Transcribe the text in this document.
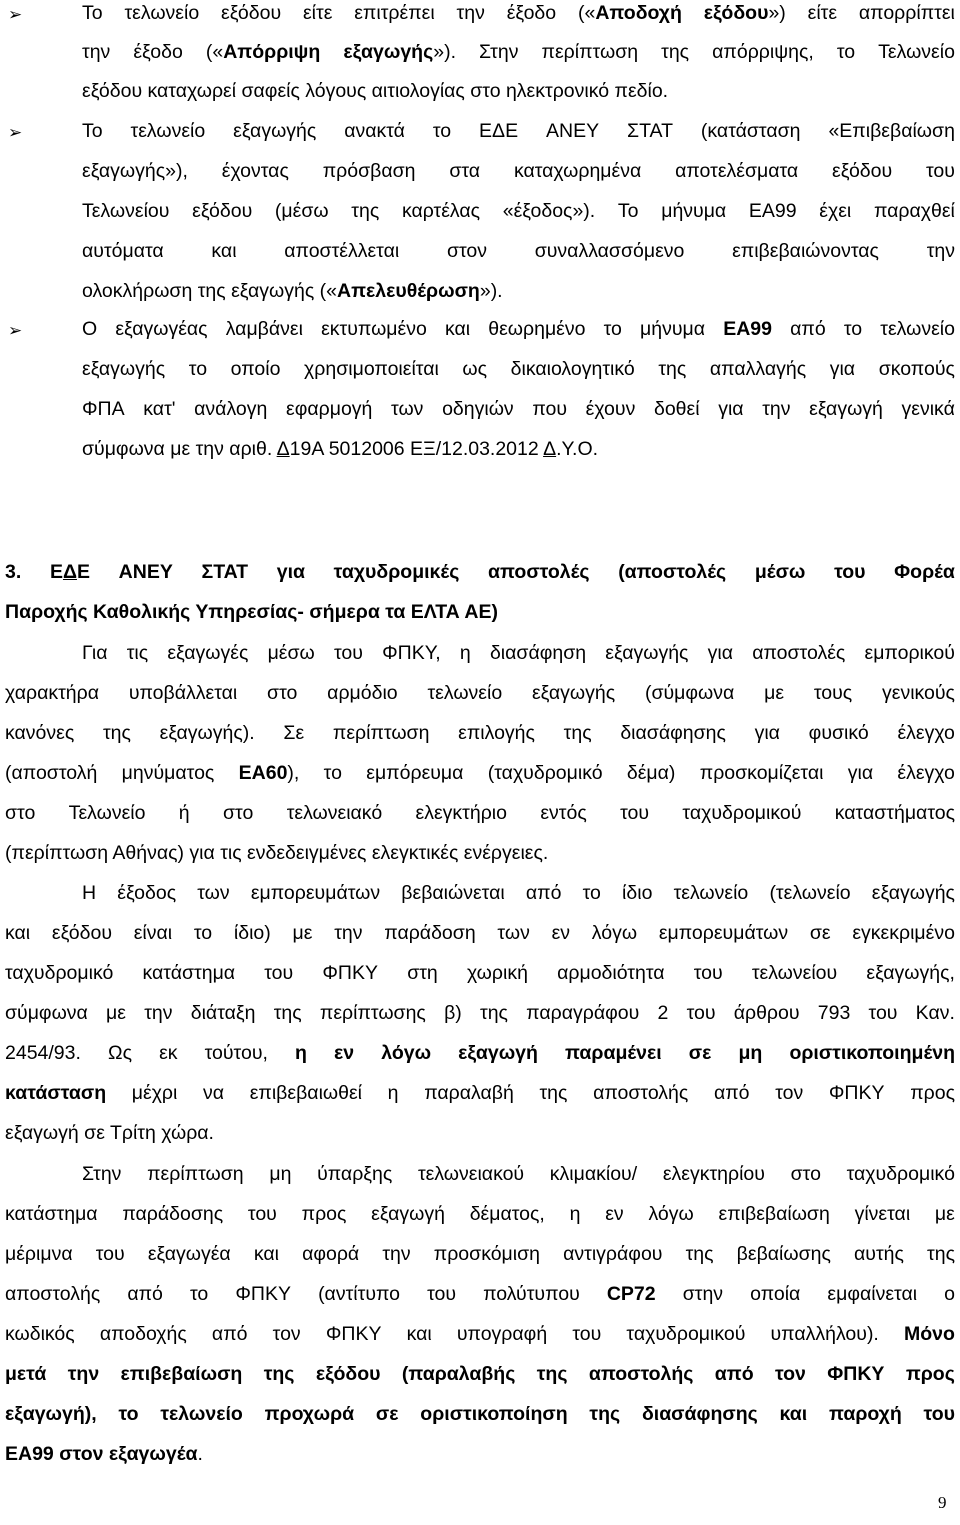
➢
➢
➢
Το τελωνείο εξόδου είτε επιτρέπει την έξοδο («Αποδοχή εξόδου») είτε απορρίπτει
την έξοδο («Απόρριψη εξαγωγής»). Στην περίπτωση της απόρριψης, το Τελωνείο
εξόδου καταχωρεί σαφείς λόγους αιτιολογίας στο ηλεκτρονικό πεδίο.
Το τελωνείο εξαγωγής ανακτά το ΕΔΕ ΑΝΕΥ ΣΤΑΤ (κατάσταση «Επιβεβαίωση
εξαγωγής»), έχοντας πρόσβαση στα καταχωρημένα αποτελέσματα εξόδου του
Τελωνείου εξόδου (μέσω της καρτέλας «έξοδος»). Το μήνυμα ΕΑ99 έχει παραχθεί
αυτόματα και αποστέλλεται στον συναλλασσόμενο επιβεβαιώνοντας την
ολοκλήρωση της εξαγωγής («Απελευθέρωση»).
Ο εξαγωγέας λαμβάνει εκτυπωμένο και θεωρημένο το μήνυμα ΕΑ99 από το τελωνείο
εξαγωγής το οποίο χρησιμοποιείται ως δικαιολογητικό της απαλλαγής για σκοπούς
ΦΠΑ κατ' ανάλογη εφαρμογή των οδηγιών που έχουν δοθεί για την εξαγωγή γενικά
σύμφωνα με την αριθ. Δ19Α 5012006 ΕΞ/12.03.2012 Δ.Υ.Ο.
3. ΕΔΕ ΑΝΕΥ ΣΤΑΤ για ταχυδρομικές αποστολές (αποστολές μέσω του Φορέα
Παροχής Καθολικής Υπηρεσίας- σήμερα τα ΕΛΤΑ ΑΕ)
Για τις εξαγωγές μέσω του ΦΠΚΥ, η διασάφηση εξαγωγής για αποστολές εμπορικού
χαρακτήρα υποβάλλεται στο αρμόδιο τελωνείο εξαγωγής (σύμφωνα με τους γενικούς
κανόνες της εξαγωγής). Σε περίπτωση επιλογής της διασάφησης για φυσικό έλεγχο
(αποστολή μηνύματος ΕΑ60), το εμπόρευμα (ταχυδρομικό δέμα) προσκομίζεται για έλεγχο
στο Τελωνείο ή στο τελωνειακό ελεγκτήριο εντός του ταχυδρομικού καταστήματος
(περίπτωση Αθήνας) για τις ενδεδειγμένες ελεγκτικές ενέργειες.
Η έξοδος των εμπορευμάτων βεβαιώνεται από το ίδιο τελωνείο (τελωνείο εξαγωγής
και εξόδου είναι το ίδιο) με την παράδοση των εν λόγω εμπορευμάτων σε εγκεκριμένο
ταχυδρομικό κατάστημα του ΦΠΚΥ στη χωρική αρμοδιότητα του τελωνείου εξαγωγής,
σύμφωνα με την διάταξη της περίπτωσης β) της παραγράφου 2 του άρθρου 793 του Καν.
2454/93. Ως εκ τούτου, η εν λόγω εξαγωγή παραμένει σε μη οριστικοποιημένη
κατάσταση μέχρι να επιβεβαιωθεί η παραλαβή της αποστολής από τον ΦΠΚΥ προς
εξαγωγή σε Τρίτη χώρα.
Στην περίπτωση μη ύπαρξης τελωνειακού κλιμακίου/ ελεγκτηρίου στο ταχυδρομικό
κατάστημα παράδοσης του προς εξαγωγή δέματος, η εν λόγω επιβεβαίωση γίνεται με
μέριμνα του εξαγωγέα και αφορά την προσκόμιση αντιγράφου της βεβαίωσης αυτής της
αποστολής από το ΦΠΚΥ (αντίτυπο του πολύτυπου CP72 στην οποία εμφαίνεται ο
κωδικός αποδοχής από τον ΦΠΚΥ και υπογραφή του ταχυδρομικού υπαλλήλου). Μόνο
μετά την επιβεβαίωση της εξόδου (παραλαβής της αποστολής από τον ΦΠΚΥ προς
εξαγωγή), το τελωνείο προχωρά σε οριστικοποίηση της διασάφησης και παροχή του
ΕΑ99 στον εξαγωγέα.
9
